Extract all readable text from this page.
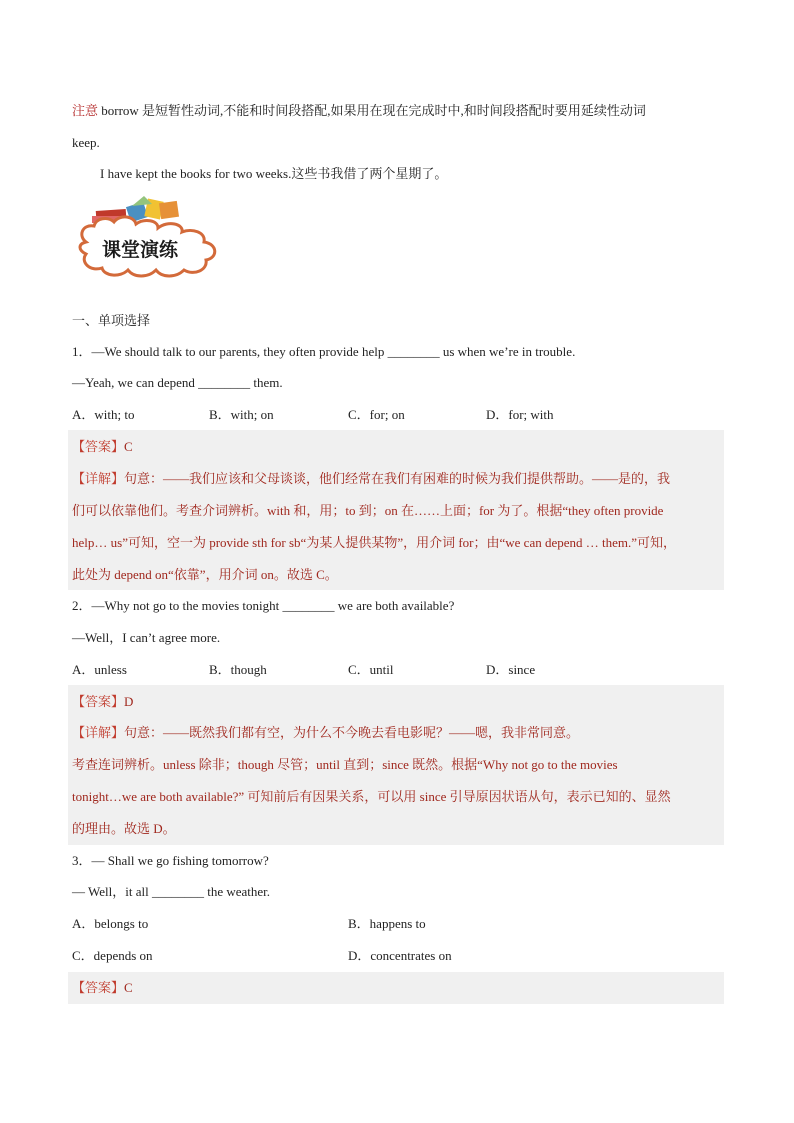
注意 borrow 是短暂性动词,不能和时间段搭配,如果用在现在完成时中,和时间段搭配时要用延续性动词
keep.
I have kept the books for two weeks.这些书我借了两个星期了。
课堂演练
一、单项选择
1．—We should talk to our parents, they often provide help ________ us when we’re in trouble.
—Yeah, we can depend ________ them.
A．with; to	B．with; on	C．for; on	D．for; with
【答案】C
【详解】句意：——我们应该和父母谈谈，他们经常在我们有困难的时候为我们提供帮助。——是的，我
们可以依靠他们。考查介词辨析。with 和，用；to 到；on 在……上面；for 为了。根据“they often provide
help… us”可知，空一为 provide sth for sb“为某人提供某物”，用介词 for；由“we can depend … them.”可知，
此处为 depend on“依靠”，用介词 on。故选 C。
2．—Why not go to the movies tonight ________ we are both available?
—Well，I can’t agree more.
A．unless	B．though	C．until	D．since
【答案】D
【详解】句意：——既然我们都有空，为什么不今晚去看电影呢？——嗯，我非常同意。
考查连词辨析。unless 除非；though 尽管；until 直到；since 既然。根据“Why not go to the movies
tonight…we are both available?” 可知前后有因果关系，可以用 since 引导原因状语从句，表示已知的、显然
的理由。故选 D。
3．— Shall we go fishing tomorrow?
— Well，it all ________ the weather.
A．belongs to	B．happens to
C．depends on	D．concentrates on
【答案】C
